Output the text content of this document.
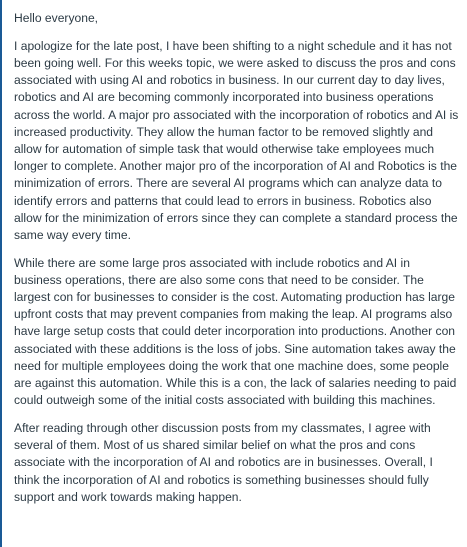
Hello everyone,

I apologize for the late post, I have been shifting to a night schedule and it has not been going well. For this weeks topic, we were asked to discuss the pros and cons associated with using AI and robotics in business. In our current day to day lives, robotics and AI are becoming commonly incorporated into business operations across the world. A major pro associated with the incorporation of robotics and AI is increased productivity. They allow the human factor to be removed slightly and allow for automation of simple task that would otherwise take employees much longer to complete. Another major pro of the incorporation of AI and Robotics is the minimization of errors. There are several AI programs which can analyze data to identify errors and patterns that could lead to errors in business. Robotics also allow for the minimization of errors since they can complete a standard process the same way every time.

While there are some large pros associated with include robotics and AI in business operations, there are also some cons that need to be consider. The largest con for businesses to consider is the cost. Automating production has large upfront costs that may prevent companies from making the leap. AI programs also have large setup costs that could deter incorporation into productions. Another con associated with these additions is the loss of jobs. Sine automation takes away the need for multiple employees doing the work that one machine does, some people are against this automation. While this is a con, the lack of salaries needing to paid could outweigh some of the initial costs associated with building this machines.

After reading through other discussion posts from my classmates, I agree with several of them. Most of us shared similar belief on what the pros and cons associate with the incorporation of AI and robotics are in businesses. Overall, I think the incorporation of AI and robotics is something businesses should fully support and work towards making happen.
